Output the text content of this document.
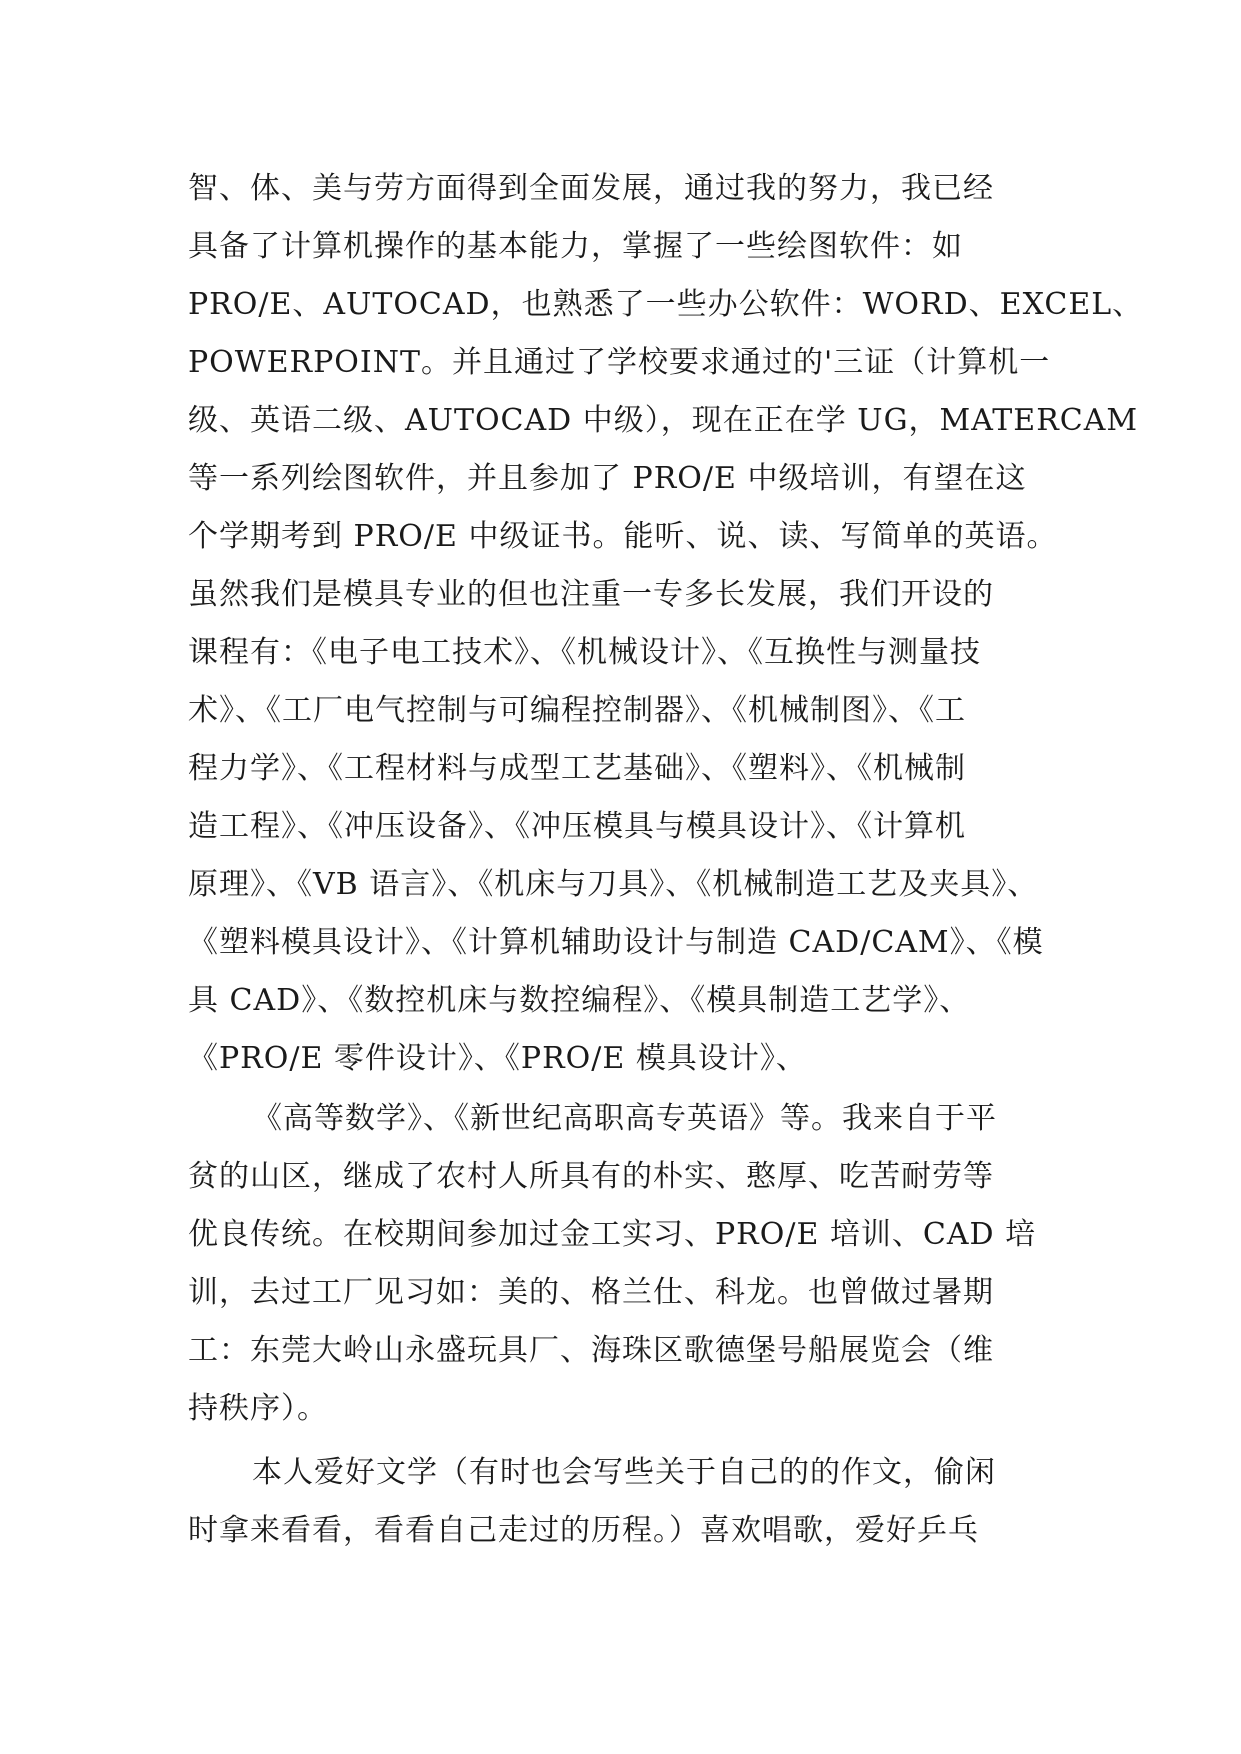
智、体、美与劳方面得到全面发展，通过我的努力，我已经
具备了计算机操作的基本能力，掌握了一些绘图软件：如
PRO/E、AUTOCAD，也熟悉了一些办公软件：WORD、EXCEL、
POWERPOINT。并且通过了学校要求通过的'三证（计算机一
级、英语二级、AUTOCAD 中级），现在正在学 UG，MATERCAM
等一系列绘图软件，并且参加了 PRO/E 中级培训，有望在这
个学期考到 PRO/E 中级证书。能听、说、读、写简单的英语。
虽然我们是模具专业的但也注重一专多长发展，我们开设的
课程有：《电子电工技术》、《机械设计》、《互换性与测量技
术》、《工厂电气控制与可编程控制器》、《机械制图》、《工
程力学》、《工程材料与成型工艺基础》、《塑料》、《机械制
造工程》、《冲压设备》、《冲压模具与模具设计》、《计算机
原理》、《VB 语言》、《机床与刀具》、《机械制造工艺及夹具》、
《塑料模具设计》、《计算机辅助设计与制造 CAD/CAM》、《模
具 CAD》、《数控机床与数控编程》、《模具制造工艺学》、
《PRO/E 零件设计》、《PRO/E 模具设计》、
《高等数学》、《新世纪高职高专英语》等。我来自于平
贫的山区，继成了农村人所具有的朴实、憨厚、吃苦耐劳等
优良传统。在校期间参加过金工实习、PRO/E 培训、CAD 培
训，去过工厂见习如：美的、格兰仕、科龙。也曾做过暑期
工：东莞大岭山永盛玩具厂、海珠区歌德堡号船展览会（维
持秩序）。
本人爱好文学（有时也会写些关于自己的的作文，偷闲
时拿来看看，看看自己走过的历程。）喜欢唱歌，爱好乒乓
